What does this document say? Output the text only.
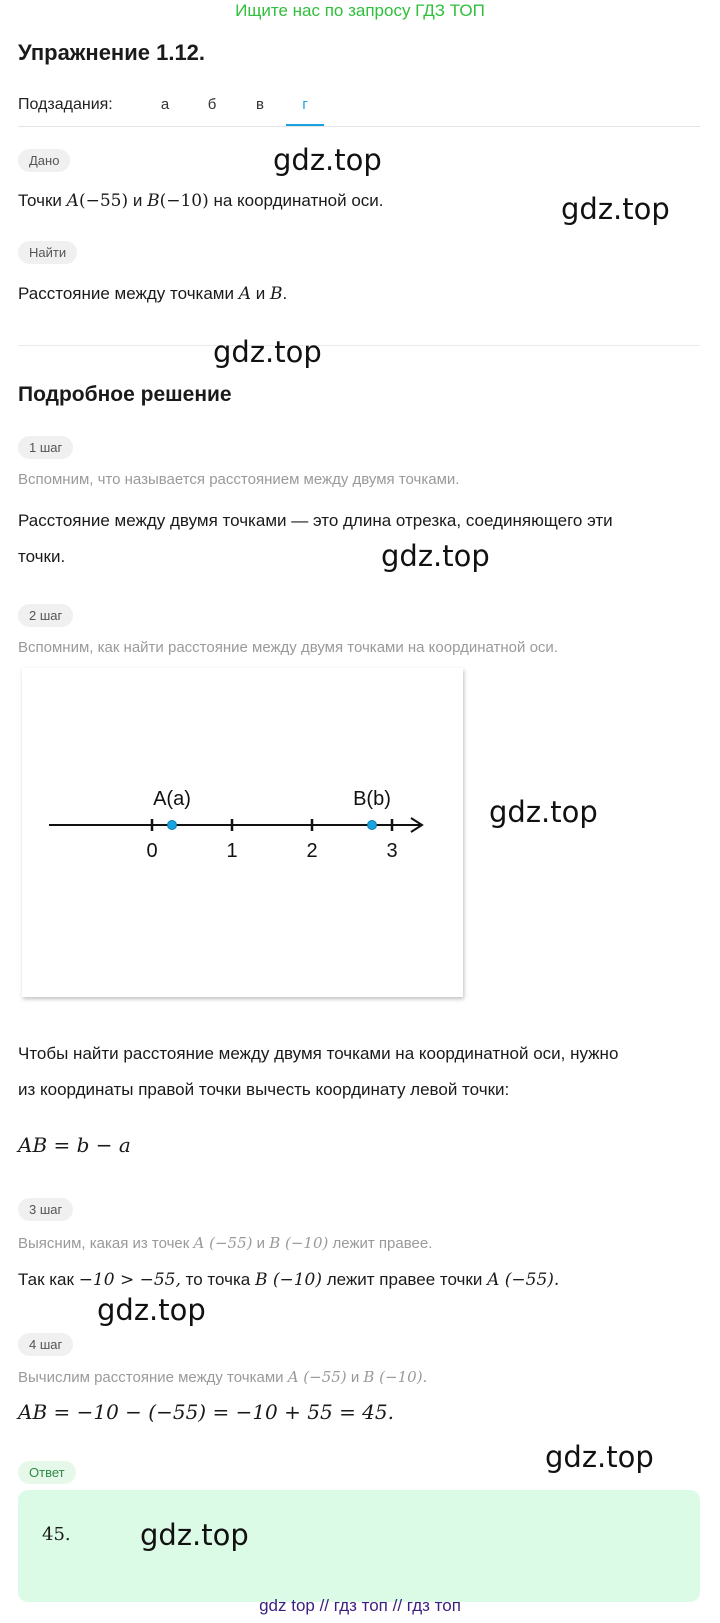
Ищите нас по запросу ГДЗ ТОП
Упражнение 1.12.
Подзадания:	а	б	в	г
Дано
Точки A(−55) и B(−10) на координатной оси.
Найти
Расстояние между точками A и B.
Подробное решение
1 шаг
Вспомним, что называется расстоянием между двумя точками.
Расстояние между двумя точками — это длина отрезка, соединяющего эти
точки.
2 шаг
Вспомним, как найти расстояние между двумя точками на координатной оси.
0	1	2	3
A(a)	B(b)
Чтобы найти расстояние между двумя точками на координатной оси, нужно
из координаты правой точки вычесть координату левой точки:
AB = b − a
3 шаг
Выясним, какая из точек A (−55) и B (−10) лежит правее.
Так как −10 > −55, то точка B (−10) лежит правее точки A (−55).
4 шаг
Вычислим расстояние между точками A (−55) и B (−10).
AB = −10 − (−55) = −10 + 55 = 45.
Ответ
45.
gdz.top
gdz.top
gdz.top
gdz.top
gdz.top
gdz.top
gdz.top
gdz.top
gdz top // гдз топ // гдз топ
